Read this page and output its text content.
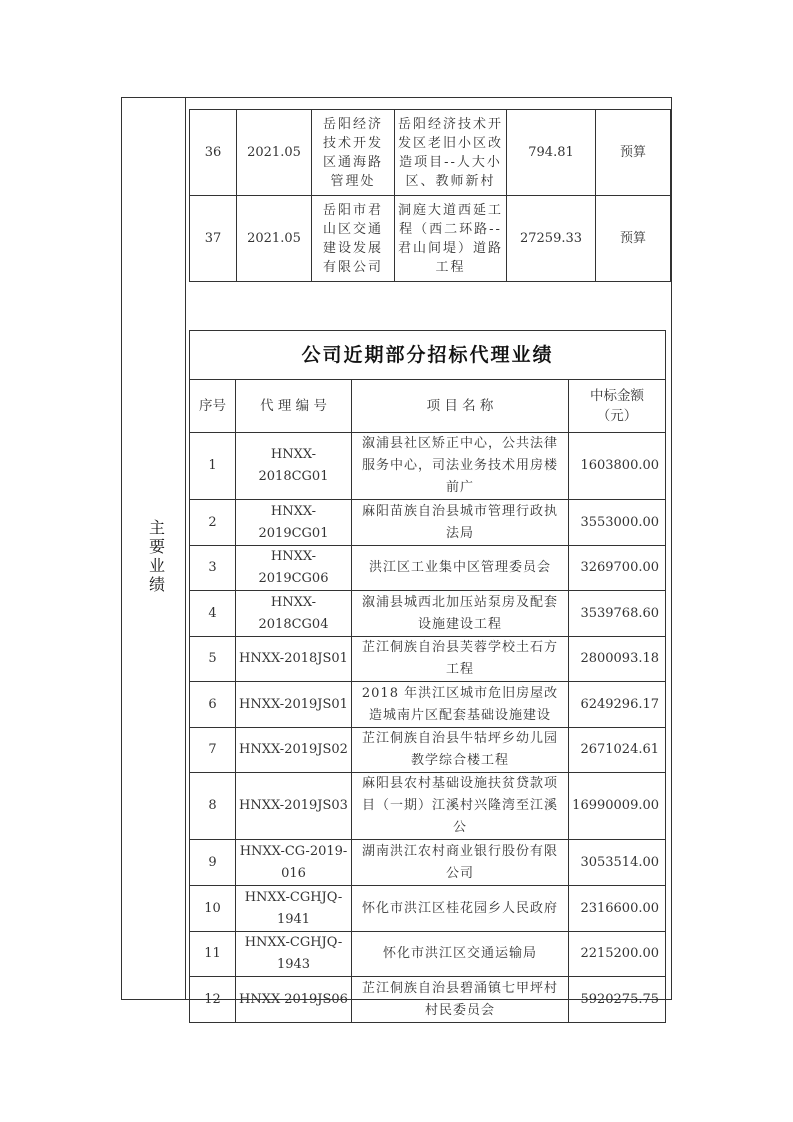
主
要
业
绩
36	2021.05	岳阳经济技术开发区通海路管理处	岳阳经济技术开发区老旧小区改造项目--人大小区、教师新村	794.81	预算
37	2021.05	岳阳市君山区交通建设发展有限公司	洞庭大道西延工程（西二环路--君山间堤）道路工程	27259.33	预算
公司近期部分招标代理业绩			
序号	代 理 编 号	项 目 名 称	中标金额（元）
1	HNXX-2018CG01	溆浦县社区矫正中心，公共法律服务中心，司法业务技术用房楼前广	1603800.00
2	HNXX-2019CG01	麻阳苗族自治县城市管理行政执法局	3553000.00
3	HNXX-2019CG06	洪江区工业集中区管理委员会	3269700.00
4	HNXX-2018CG04	溆浦县城西北加压站泵房及配套设施建设工程	3539768.60
5	HNXX-2018JS01	芷江侗族自治县芙蓉学校土石方工程	2800093.18
6	HNXX-2019JS01	2018 年洪江区城市危旧房屋改造城南片区配套基础设施建设	6249296.17
7	HNXX-2019JS02	芷江侗族自治县牛牯坪乡幼儿园教学综合楼工程	2671024.61
8	HNXX-2019JS03	麻阳县农村基础设施扶贫贷款项目（一期）江溪村兴隆湾至江溪公	16990009.00
9	HNXX-CG-2019-016	湖南洪江农村商业银行股份有限公司	3053514.00
10	HNXX-CGHJQ-1941	怀化市洪江区桂花园乡人民政府	2316600.00
11	HNXX-CGHJQ-1943	怀化市洪江区交通运输局	2215200.00
12	HNXX-2019JS06	芷江侗族自治县碧涌镇七甲坪村村民委员会	5920275.75
